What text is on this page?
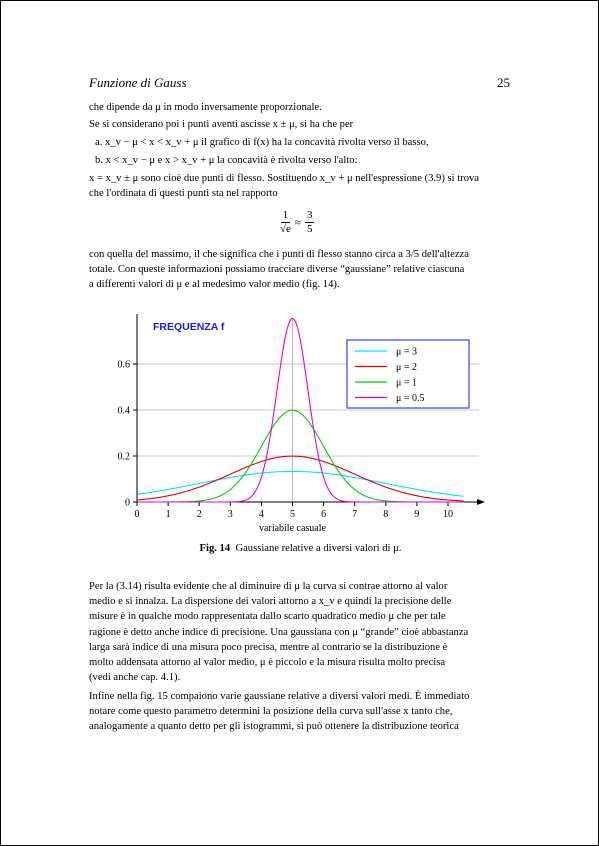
Funzione di Gauss	25
che dipende da μ in modo inversamente proporzionale.
Se si considerano poi i punti aventi ascisse x ± μ, si ha che per
a. x_v − μ < x < x_v + μ il grafico di f(x) ha la concavità rivolta verso il basso,
b. x < x_v − μ e x > x_v + μ la concavità è rivolta verso l'alto:
x = x_v ± μ sono cioè due punti di flesso. Sostituendo x_v + μ nell'espressione (3.9) si trova
che l'ordinata di questi punti sta nel rapporto
$\frac{1}{√e} \approx \frac{3}{5}$
con quella del massimo, il che significa che i punti di flesso stanno circa a 3/5 dell'altezza
totale. Con queste informazioni possiamo tracciare diverse “gaussiane” relative ciascuna
a differenti valori di μ e al medesimo valor medio (fig. 14).
0
0.2
0.4
0.6
0	1	2	3	4	5	6	7	8	9 10
variabile casuale
FREQUENZA f
μ = 3
μ = 2
μ = 1
μ = 0.5
Fig. 14 Gaussiane relative a diversi valori di μ.
Per la (3.14) risulta evidente che al diminuire di μ la curva si contrae attorno al valor
medio e si innalza. La dispersione dei valori attorno a x_v e quindi la precisione delle
misure è in qualche modo rappresentata dallo scarto quadratico medio μ che per tale
ragione è detto anche indice di precisione. Una gaussiana con μ “grande” cioè abbastanza
larga sarà indice di una misura poco precisa, mentre al contrario se la distribuzione è
molto addensata attorno al valor medio, μ è piccolo e la misura risulta molto precisa
(vedi anche cap. 4.1).
Infine nella fig. 15 compaiono varie gaussiane relative a diversi valori medi. È immediato
notare come questo parametro determini la posizione della curva sull'asse x tanto che,
analogamente a quanto detto per gli istogrammi, si può ottenere la distribuzione teorica
